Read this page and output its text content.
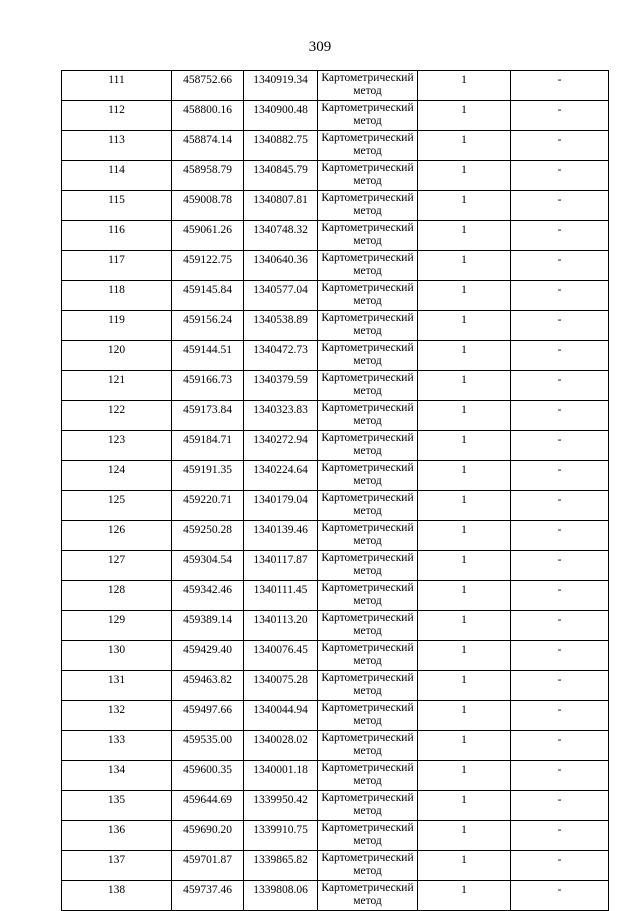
309
111	458752.66	1340919.34	Картометрический метод	1	-
112	458800.16	1340900.48	Картометрический метод	1	-
113	458874.14	1340882.75	Картометрический метод	1	-
114	458958.79	1340845.79	Картометрический метод	1	-
115	459008.78	1340807.81	Картометрический метод	1	-
116	459061.26	1340748.32	Картометрический метод	1	-
117	459122.75	1340640.36	Картометрический метод	1	-
118	459145.84	1340577.04	Картометрический метод	1	-
119	459156.24	1340538.89	Картометрический метод	1	-
120	459144.51	1340472.73	Картометрический метод	1	-
121	459166.73	1340379.59	Картометрический метод	1	-
122	459173.84	1340323.83	Картометрический метод	1	-
123	459184.71	1340272.94	Картометрический метод	1	-
124	459191.35	1340224.64	Картометрический метод	1	-
125	459220.71	1340179.04	Картометрический метод	1	-
126	459250.28	1340139.46	Картометрический метод	1	-
127	459304.54	1340117.87	Картометрический метод	1	-
128	459342.46	1340111.45	Картометрический метод	1	-
129	459389.14	1340113.20	Картометрический метод	1	-
130	459429.40	1340076.45	Картометрический метод	1	-
131	459463.82	1340075.28	Картометрический метод	1	-
132	459497.66	1340044.94	Картометрический метод	1	-
133	459535.00	1340028.02	Картометрический метод	1	-
134	459600.35	1340001.18	Картометрический метод	1	-
135	459644.69	1339950.42	Картометрический метод	1	-
136	459690.20	1339910.75	Картометрический метод	1	-
137	459701.87	1339865.82	Картометрический метод	1	-
138	459737.46	1339808.06	Картометрический метод	1	-
